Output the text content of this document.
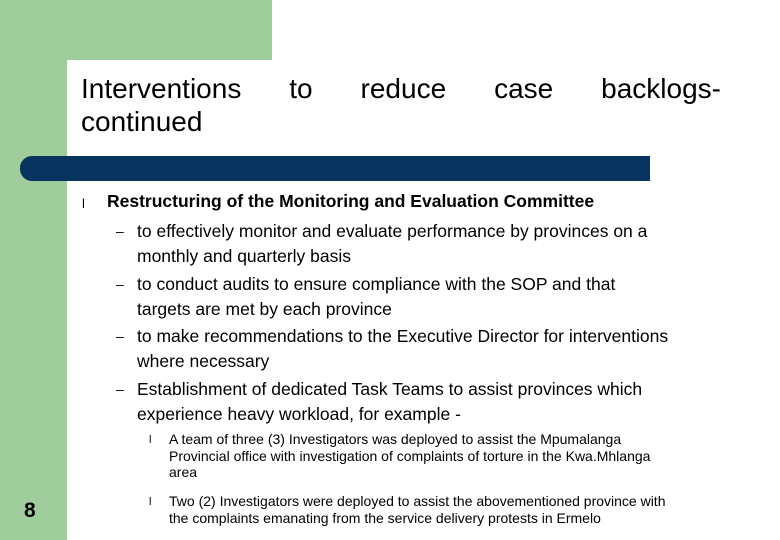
Interventions to reduce case backlogs-
continued
l Restructuring of the Monitoring and Evaluation Committee
– to effectively monitor and evaluate performance by provinces on a
monthly and quarterly basis
– to conduct audits to ensure compliance with the SOP and that
targets are met by each province
– to make recommendations to the Executive Director for interventions
where necessary
– Establishment of dedicated Task Teams to assist provinces which
experience heavy workload, for example -
l A team of three (3) Investigators was deployed to assist the Mpumalanga
Provincial office with investigation of complaints of torture in the Kwa.Mhlanga
area
l Two (2) Investigators were deployed to assist the abovementioned province with
the complaints emanating from the service delivery protests in Ermelo
8
